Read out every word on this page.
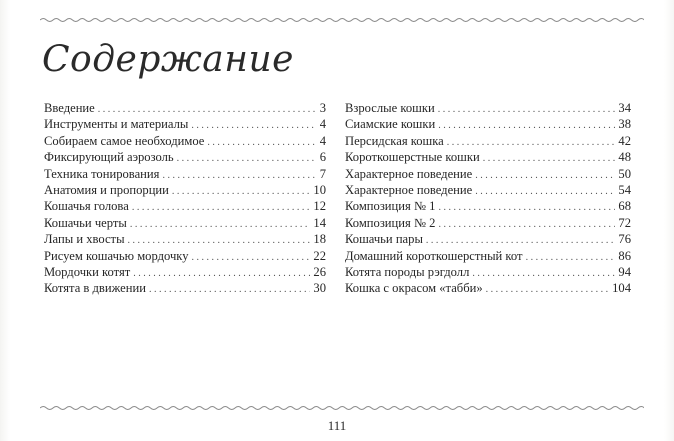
Содержание
Введение . . .	3
Инструменты и материалы . . .	4
Собираем самое необходимое . . .	4
Фиксирующий аэрозоль . . .	6
Техника тонирования . . .	7
Анатомия и пропорции . . .	10
Кошачья голова . . .	12
Кошачьи черты . . .	14
Лапы и хвосты . . .	18
Рисуем кошачью мордочку . . .	22
Мордочки котят . . .	26
Котята в движении . . .	30
Взрослые кошки . . .	34
Сиамские кошки . . .	38
Персидская кошка . . .	42
Короткошерстные кошки . . .	48
Характерное поведение . . .	50
Характерное поведение . . .	54
Композиция № 1 . . .	68
Композиция № 2 . . .	72
Кошачьи пары . . .	76
Домашний короткошерстный кот . . .	86
Котята породы рэгдолл . . .	94
Кошка с окрасом «табби» . . .	104
111
